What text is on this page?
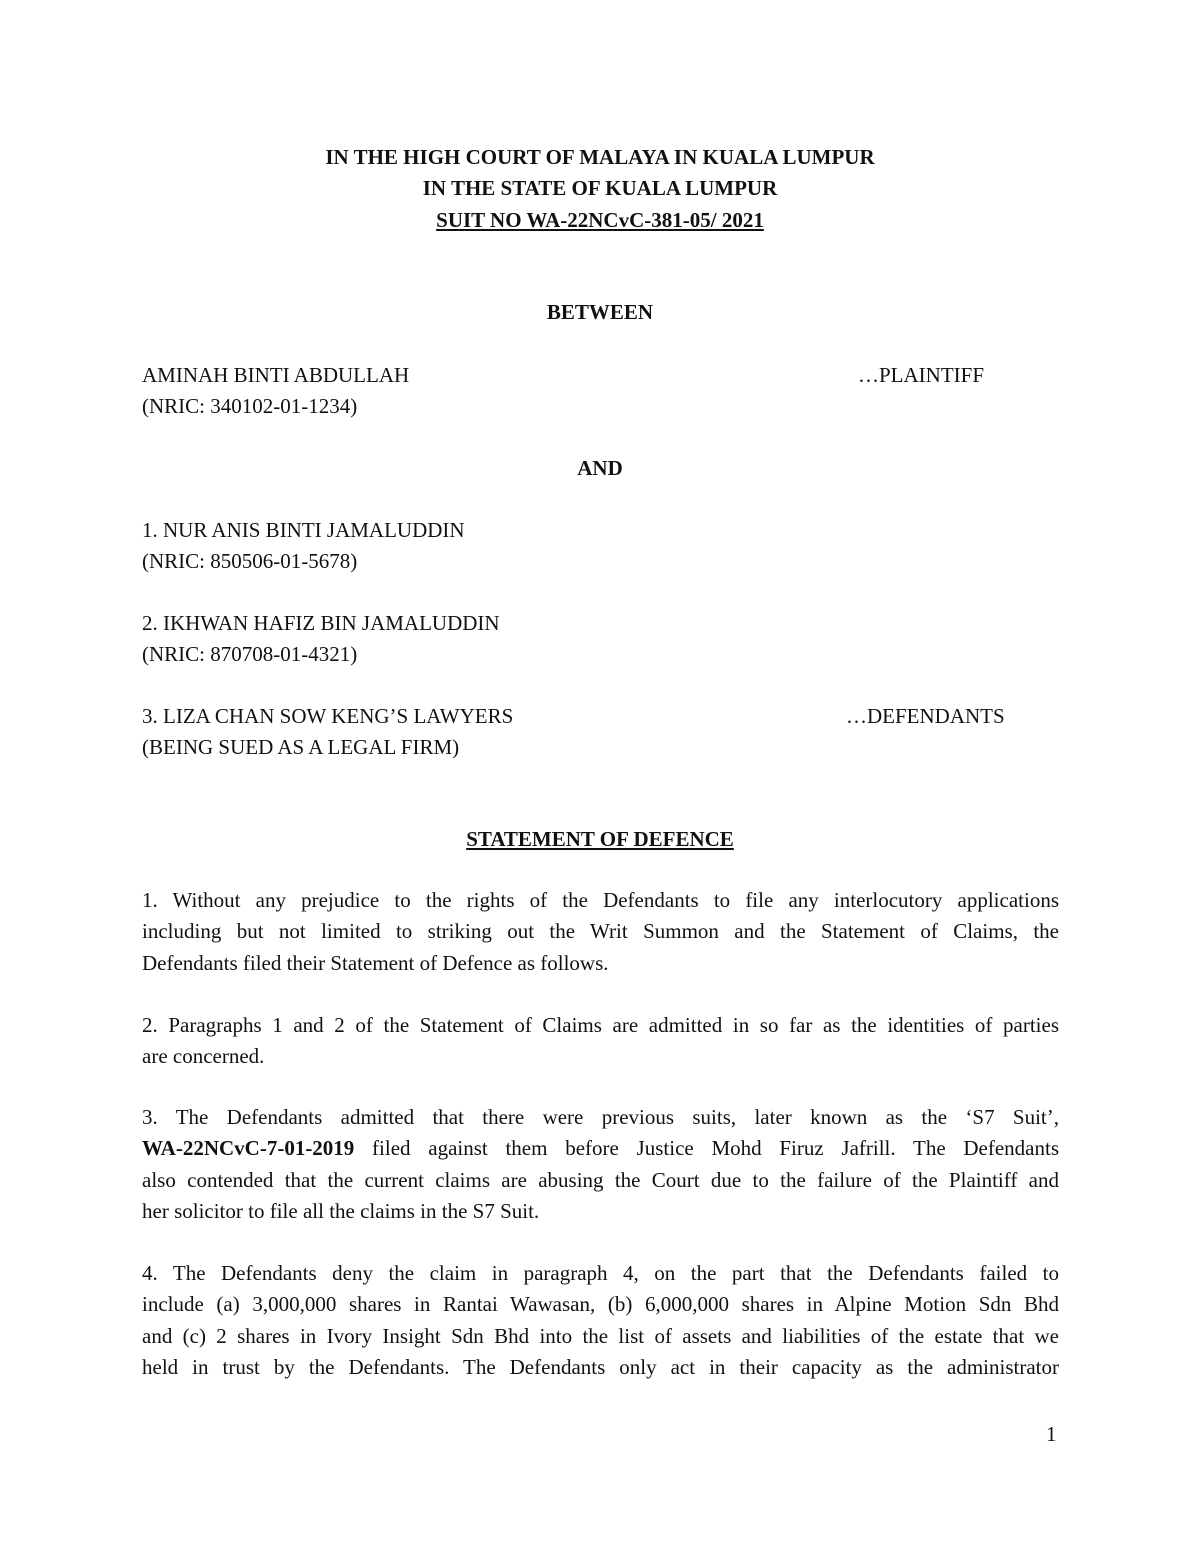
IN THE HIGH COURT OF MALAYA IN KUALA LUMPUR
IN THE STATE OF KUALA LUMPUR
SUIT NO WA-22NCvC-381-05/ 2021
BETWEEN
AMINAH BINTI ABDULLAH	…PLAINTIFF
(NRIC: 340102-01-1234)
AND
1. NUR ANIS BINTI JAMALUDDIN
(NRIC: 850506-01-5678)
2. IKHWAN HAFIZ BIN JAMALUDDIN
(NRIC: 870708-01-4321)
3. LIZA CHAN SOW KENG’S LAWYERS	…DEFENDANTS
(BEING SUED AS A LEGAL FIRM)
STATEMENT OF DEFENCE
1. Without any prejudice to the rights of the Defendants to file any interlocutory applications
including but not limited to striking out the Writ Summon and the Statement of Claims, the
Defendants filed their Statement of Defence as follows.
2. Paragraphs 1 and 2 of the Statement of Claims are admitted in so far as the identities of parties
are concerned.
3. The Defendants admitted that there were previous suits, later known as the ‘S7 Suit’,
WA-22NCvC-7-01-2019 filed against them before Justice Mohd Firuz Jafrill. The Defendants
also contended that the current claims are abusing the Court due to the failure of the Plaintiff and
her solicitor to file all the claims in the S7 Suit.
4. The Defendants deny the claim in paragraph 4, on the part that the Defendants failed to
include (a) 3,000,000 shares in Rantai Wawasan, (b) 6,000,000 shares in Alpine Motion Sdn Bhd
and (c) 2 shares in Ivory Insight Sdn Bhd into the list of assets and liabilities of the estate that we
held in trust by the Defendants. The Defendants only act in their capacity as the administrator
1
